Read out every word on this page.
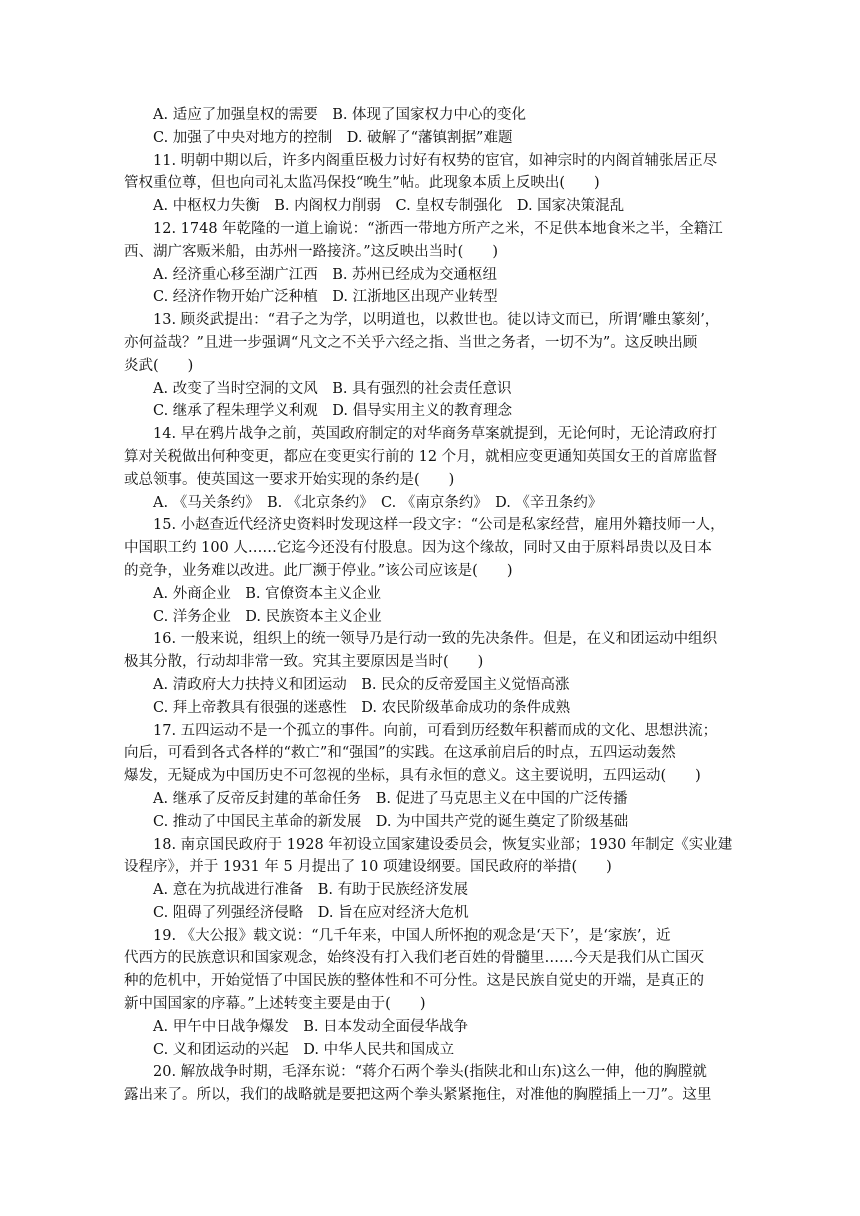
A. 适应了加强皇权的需要　B. 体现了国家权力中心的变化
C. 加强了中央对地方的控制　D. 破解了“藩镇割据”难题
11. 明朝中期以后，许多内阁重臣极力讨好有权势的宦官，如神宗时的内阁首辅张居正尽
管权重位尊，但也向司礼太监冯保投“晚生”帖。此现象本质上反映出(　　)
A. 中枢权力失衡　B. 内阁权力削弱　C. 皇权专制强化　D. 国家决策混乱
12. 1748 年乾隆的一道上谕说：“浙西一带地方所产之米，不足供本地食米之半，全籍江
西、湖广客贩米船，由苏州一路接济。”这反映出当时(　　)
A. 经济重心移至湖广江西　B. 苏州已经成为交通枢纽
C. 经济作物开始广泛种植　D. 江浙地区出现产业转型
13. 顾炎武提出：“君子之为学，以明道也，以救世也。徒以诗文而已，所谓‘雕虫篆刻’，
亦何益哉？”且进一步强调“凡文之不关乎六经之指、当世之务者，一切不为”。这反映出顾
炎武(　　)
A. 改变了当时空洞的文风　B. 具有强烈的社会责任意识
C. 继承了程朱理学义利观　D. 倡导实用主义的教育理念
14. 早在鸦片战争之前，英国政府制定的对华商务草案就提到，无论何时，无论清政府打
算对关税做出何种变更，都应在变更实行前的 12 个月，就相应变更通知英国女王的首席监督
或总领事。使英国这一要求开始实现的条约是(　　)
A. 《马关条约》　B. 《北京条约》　C. 《南京条约》　D. 《辛丑条约》
15. 小赵查近代经济史资料时发现这样一段文字：“公司是私家经营，雇用外籍技师一人，
中国职工约 100 人……它迄今还没有付股息。因为这个缘故，同时又由于原料昂贵以及日本
的竞争，业务难以改进。此厂濒于停业。”该公司应该是(　　)
A. 外商企业　B. 官僚资本主义企业
C. 洋务企业　D. 民族资本主义企业
16. 一般来说，组织上的统一领导乃是行动一致的先决条件。但是，在义和团运动中组织
极其分散，行动却非常一致。究其主要原因是当时(　　)
A. 清政府大力扶持义和团运动　B. 民众的反帝爱国主义觉悟高涨
C. 拜上帝教具有很强的迷惑性　D. 农民阶级革命成功的条件成熟
17. 五四运动不是一个孤立的事件。向前，可看到历经数年积蓄而成的文化、思想洪流；
向后，可看到各式各样的“救亡”和“强国”的实践。在这承前启后的时点，五四运动轰然
爆发，无疑成为中国历史不可忽视的坐标，具有永恒的意义。这主要说明，五四运动(　　)
A. 继承了反帝反封建的革命任务　B. 促进了马克思主义在中国的广泛传播
C. 推动了中国民主革命的新发展　D. 为中国共产党的诞生奠定了阶级基础
18. 南京国民政府于 1928 年初设立国家建设委员会，恢复实业部；1930 年制定《实业建
设程序》，并于 1931 年 5 月提出了 10 项建设纲要。国民政府的举措(　　)
A. 意在为抗战进行准备　B. 有助于民族经济发展
C. 阻碍了列强经济侵略　D. 旨在应对经济大危机
19. 《大公报》载文说：“几千年来，中国人所怀抱的观念是‘天下’，是‘家族’，近
代西方的民族意识和国家观念，始终没有打入我们老百姓的骨髓里……今天是我们从亡国灭
种的危机中，开始觉悟了中国民族的整体性和不可分性。这是民族自觉史的开端，是真正的
新中国国家的序幕。”上述转变主要是由于(　　)
A. 甲午中日战争爆发　B. 日本发动全面侵华战争
C. 义和团运动的兴起　D. 中华人民共和国成立
20. 解放战争时期，毛泽东说：“蒋介石两个拳头(指陕北和山东)这么一伸，他的胸膛就
露出来了。所以，我们的战略就是要把这两个拳头紧紧拖住，对准他的胸膛插上一刀”。这里
